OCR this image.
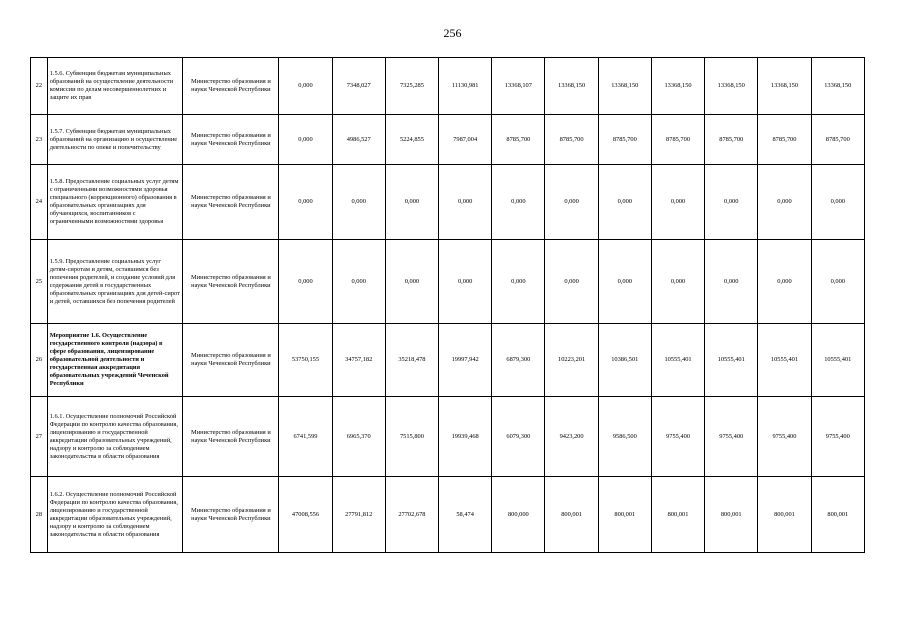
256
22	1.5.6. Субвенции бюджетам муниципальных образований на осуществление деятельности комиссии по делам несовершеннолетних и защите их прав	Министерство образования и науки Чеченской Республики	0,000	7348,027	7325,285	11130,981	13368,107	13368,150	13368,150	13368,150	13368,150	13368,150	13368,150
23	1.5.7. Субвенции бюджетам муниципальных образований на организацию и осуществление деятельности по опеке и попечительству	Министерство образования и науки Чеченской Республики	0,000	4986,527	5224,855	7987,004	8785,700	8785,700	8785,700	8785,700	8785,700	8785,700	8785,700
24	1.5.8. Предоставление социальных услуг детям с ограниченными возможностями здоровья специального (коррекционного) образования в образовательных организациях для обучающихся, воспитанников с ограниченными возможностями здоровья	Министерство образования и науки Чеченской Республики	0,000	0,000	0,000	0,000	0,000	0,000	0,000	0,000	0,000	0,000	0,000
25	1.5.9. Предоставление социальных услуг детям-сиротам и детям, оставшимся без попечения родителей, и создание условий для содержания детей в государственных образовательных организациях для детей-сирот и детей, оставшихся без попечения родителей	Министерство образования и науки Чеченской Республики	0,000	0,000	0,000	0,000	0,000	0,000	0,000	0,000	0,000	0,000	0,000
26	Мероприятие 1.6. Осуществление государственного контроля (надзора) в сфере образования, лицензирование образовательной деятельности и государственная аккредитация образовательных учреждений Чеченской Республики	Министерство образования и науки Чеченской Республики	53750,155	34757,182	35218,478	19997,942	6879,300	10223,201	10386,501	10555,401	10555,401	10555,401	10555,401
27	1.6.1. Осуществление полномочий Российской Федерации по контролю качества образования, лицензированию и государственной аккредитации образовательных учреждений, надзору и контролю за соблюдением законодательства в области образования	Министерство образования и науки Чеченской Республики	6741,599	6965,370	7515,800	19939,468	6079,300	9423,200	9586,500	9755,400	9755,400	9755,400	9755,400
28	1.6.2. Осуществление полномочий Российской Федерации по контролю качества образования, лицензированию и государственной аккредитации образовательных учреждений, надзору и контролю за соблюдением законодательства в области образования	Министерство образования и науки Чеченской Республики	47008,556	27791,812	27702,678	58,474	800,000	800,001	800,001	800,001	800,001	800,001	800,001
